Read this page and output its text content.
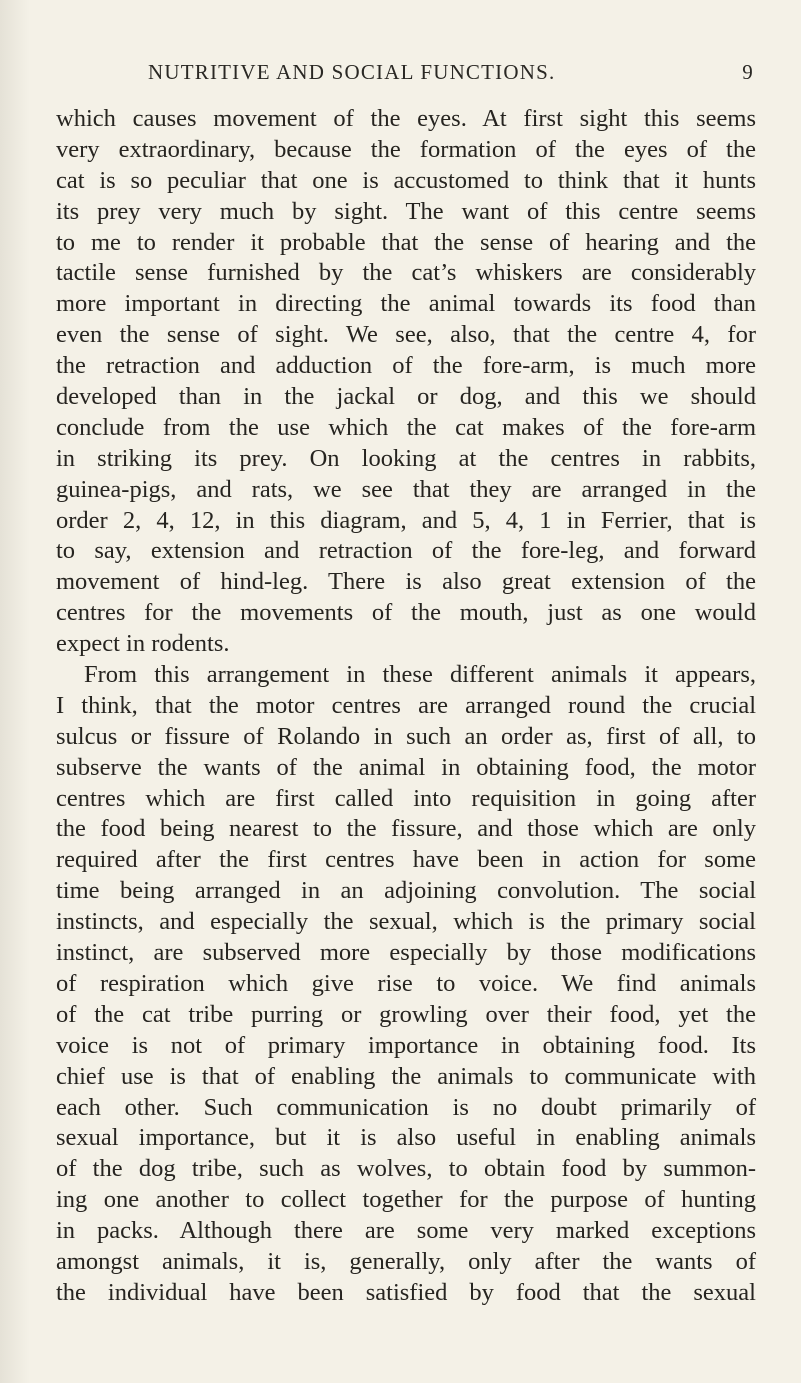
NUTRITIVE AND SOCIAL FUNCTIONS.	9
which causes movement of the eyes. At first sight this seems
very extraordinary, because the formation of the eyes of the
cat is so peculiar that one is accustomed to think that it hunts
its prey very much by sight. The want of this centre seems
to me to render it probable that the sense of hearing and the
tactile sense furnished by the cat’s whiskers are considerably
more important in directing the animal towards its food than
even the sense of sight. We see, also, that the centre 4, for
the retraction and adduction of the fore-arm, is much more
developed than in the jackal or dog, and this we should
conclude from the use which the cat makes of the fore-arm
in striking its prey. On looking at the centres in rabbits,
guinea-pigs, and rats, we see that they are arranged in the
order 2, 4, 12, in this diagram, and 5, 4, 1 in Ferrier, that is
to say, extension and retraction of the fore-leg, and forward
movement of hind-leg. There is also great extension of the
centres for the movements of the mouth, just as one would
expect in rodents.
From this arrangement in these different animals it appears,
I think, that the motor centres are arranged round the crucial
sulcus or fissure of Rolando in such an order as, first of all, to
subserve the wants of the animal in obtaining food, the motor
centres which are first called into requisition in going after
the food being nearest to the fissure, and those which are only
required after the first centres have been in action for some
time being arranged in an adjoining convolution. The social
instincts, and especially the sexual, which is the primary social
instinct, are subserved more especially by those modifications
of respiration which give rise to voice. We find animals
of the cat tribe purring or growling over their food, yet the
voice is not of primary importance in obtaining food. Its
chief use is that of enabling the animals to communicate with
each other. Such communication is no doubt primarily of
sexual importance, but it is also useful in enabling animals
of the dog tribe, such as wolves, to obtain food by summon-
ing one another to collect together for the purpose of hunting
in packs. Although there are some very marked exceptions
amongst animals, it is, generally, only after the wants of
the individual have been satisfied by food that the sexual
